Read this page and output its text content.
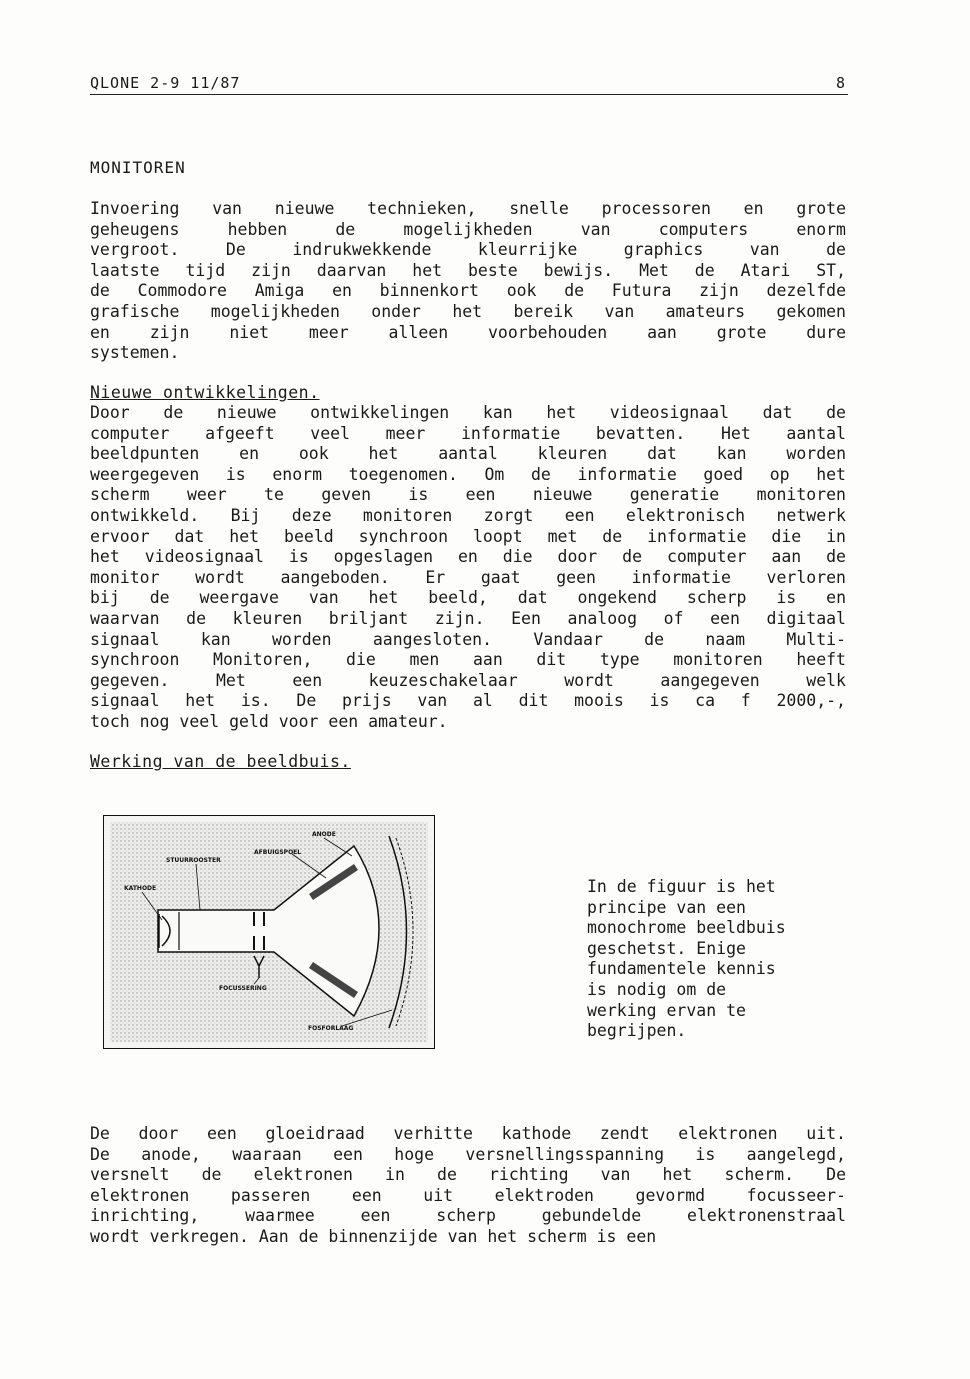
QLONE 2-9 11/87	8
MONITOREN
Invoering van nieuwe technieken, snelle processoren en grote
geheugens hebben de mogelijkheden van computers enorm
vergroot. De indrukwekkende kleurrijke graphics van de
laatste tijd zijn daarvan het beste bewijs. Met de Atari ST,
de Commodore Amiga en binnenkort ook de Futura zijn dezelfde
grafische mogelijkheden onder het bereik van amateurs gekomen
en zijn niet meer alleen voorbehouden aan grote dure
systemen.
Nieuwe ontwikkelingen.
Door de nieuwe ontwikkelingen kan het videosignaal dat de
computer afgeeft veel meer informatie bevatten. Het aantal
beeldpunten en ook het aantal kleuren dat kan worden
weergegeven is enorm toegenomen. Om de informatie goed op het
scherm weer te geven is een nieuwe generatie monitoren
ontwikkeld. Bij deze monitoren zorgt een elektronisch netwerk
ervoor dat het beeld synchroon loopt met de informatie die in
het videosignaal is opgeslagen en die door de computer aan de
monitor wordt aangeboden. Er gaat geen informatie verloren
bij de weergave van het beeld, dat ongekend scherp is en
waarvan de kleuren briljant zijn. Een analoog of een digitaal
signaal kan worden aangesloten. Vandaar de naam Multi-
synchroon Monitoren, die men aan dit type monitoren heeft
gegeven. Met een keuzeschakelaar wordt aangegeven welk
signaal het is. De prijs van al dit moois is ca f 2000,-,
toch nog veel geld voor een amateur.
Werking van de beeldbuis.
ANODE
AFBUIGSPOEL
STUURROOSTER
KATHODE
FOCUSSERING
FOSFORLAAG
In de figuur is het
principe van een
monochrome beeldbuis
geschetst. Enige
fundamentele kennis
is nodig om de
werking ervan te
begrijpen.
De door een gloeidraad verhitte kathode zendt elektronen uit.
De anode, waaraan een hoge versnellingsspanning is aangelegd,
versnelt de elektronen in de richting van het scherm. De
elektronen passeren een uit elektroden gevormd focusseer-
inrichting, waarmee een scherp gebundelde elektronenstraal
wordt verkregen. Aan de binnenzijde van het scherm is een
